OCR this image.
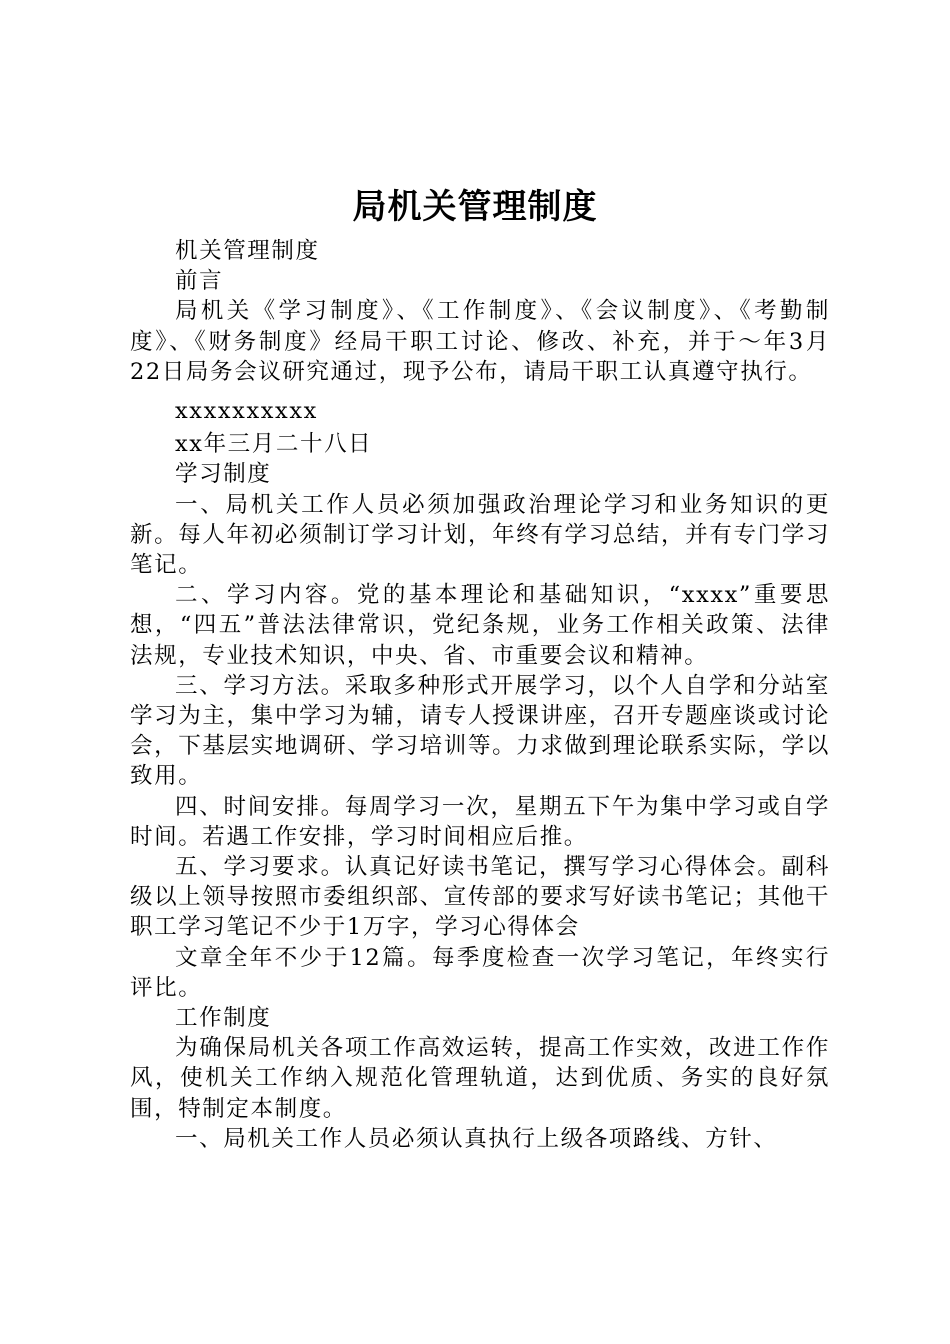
局机关管理制度

机关管理制度

前言

局机关《学习制度》、《工作制度》、《会议制度》、《考勤制度》、《财务制度》经局干职工讨论、修改、补充，并于～年3月22日局务会议研究通过，现予公布，请局干职工认真遵守执行。

xxxxxxxxxx

xx年三月二十八日

学习制度

一、局机关工作人员必须加强政治理论学习和业务知识的更新。每人年初必须制订学习计划，年终有学习总结，并有专门学习笔记。

二、学习内容。党的基本理论和基础知识，“xxxx”重要思想，“四五”普法法律常识，党纪条规，业务工作相关政策、法律法规，专业技术知识，中央、省、市重要会议和精神。

三、学习方法。采取多种形式开展学习，以个人自学和分站室学习为主，集中学习为辅，请专人授课讲座，召开专题座谈或讨论会，下基层实地调研、学习培训等。力求做到理论联系实际，学以致用。

四、时间安排。每周学习一次，星期五下午为集中学习或自学时间。若遇工作安排，学习时间相应后推。

五、学习要求。认真记好读书笔记，撰写学习心得体会。副科级以上领导按照市委组织部、宣传部的要求写好读书笔记；其他干职工学习笔记不少于1万字，学习心得体会

文章全年不少于12篇。每季度检查一次学习笔记，年终实行评比。

工作制度

为确保局机关各项工作高效运转，提高工作实效，改进工作作风，使机关工作纳入规范化管理轨道，达到优质、务实的良好氛围，特制定本制度。

一、局机关工作人员必须认真执行上级各项路线、方针、
